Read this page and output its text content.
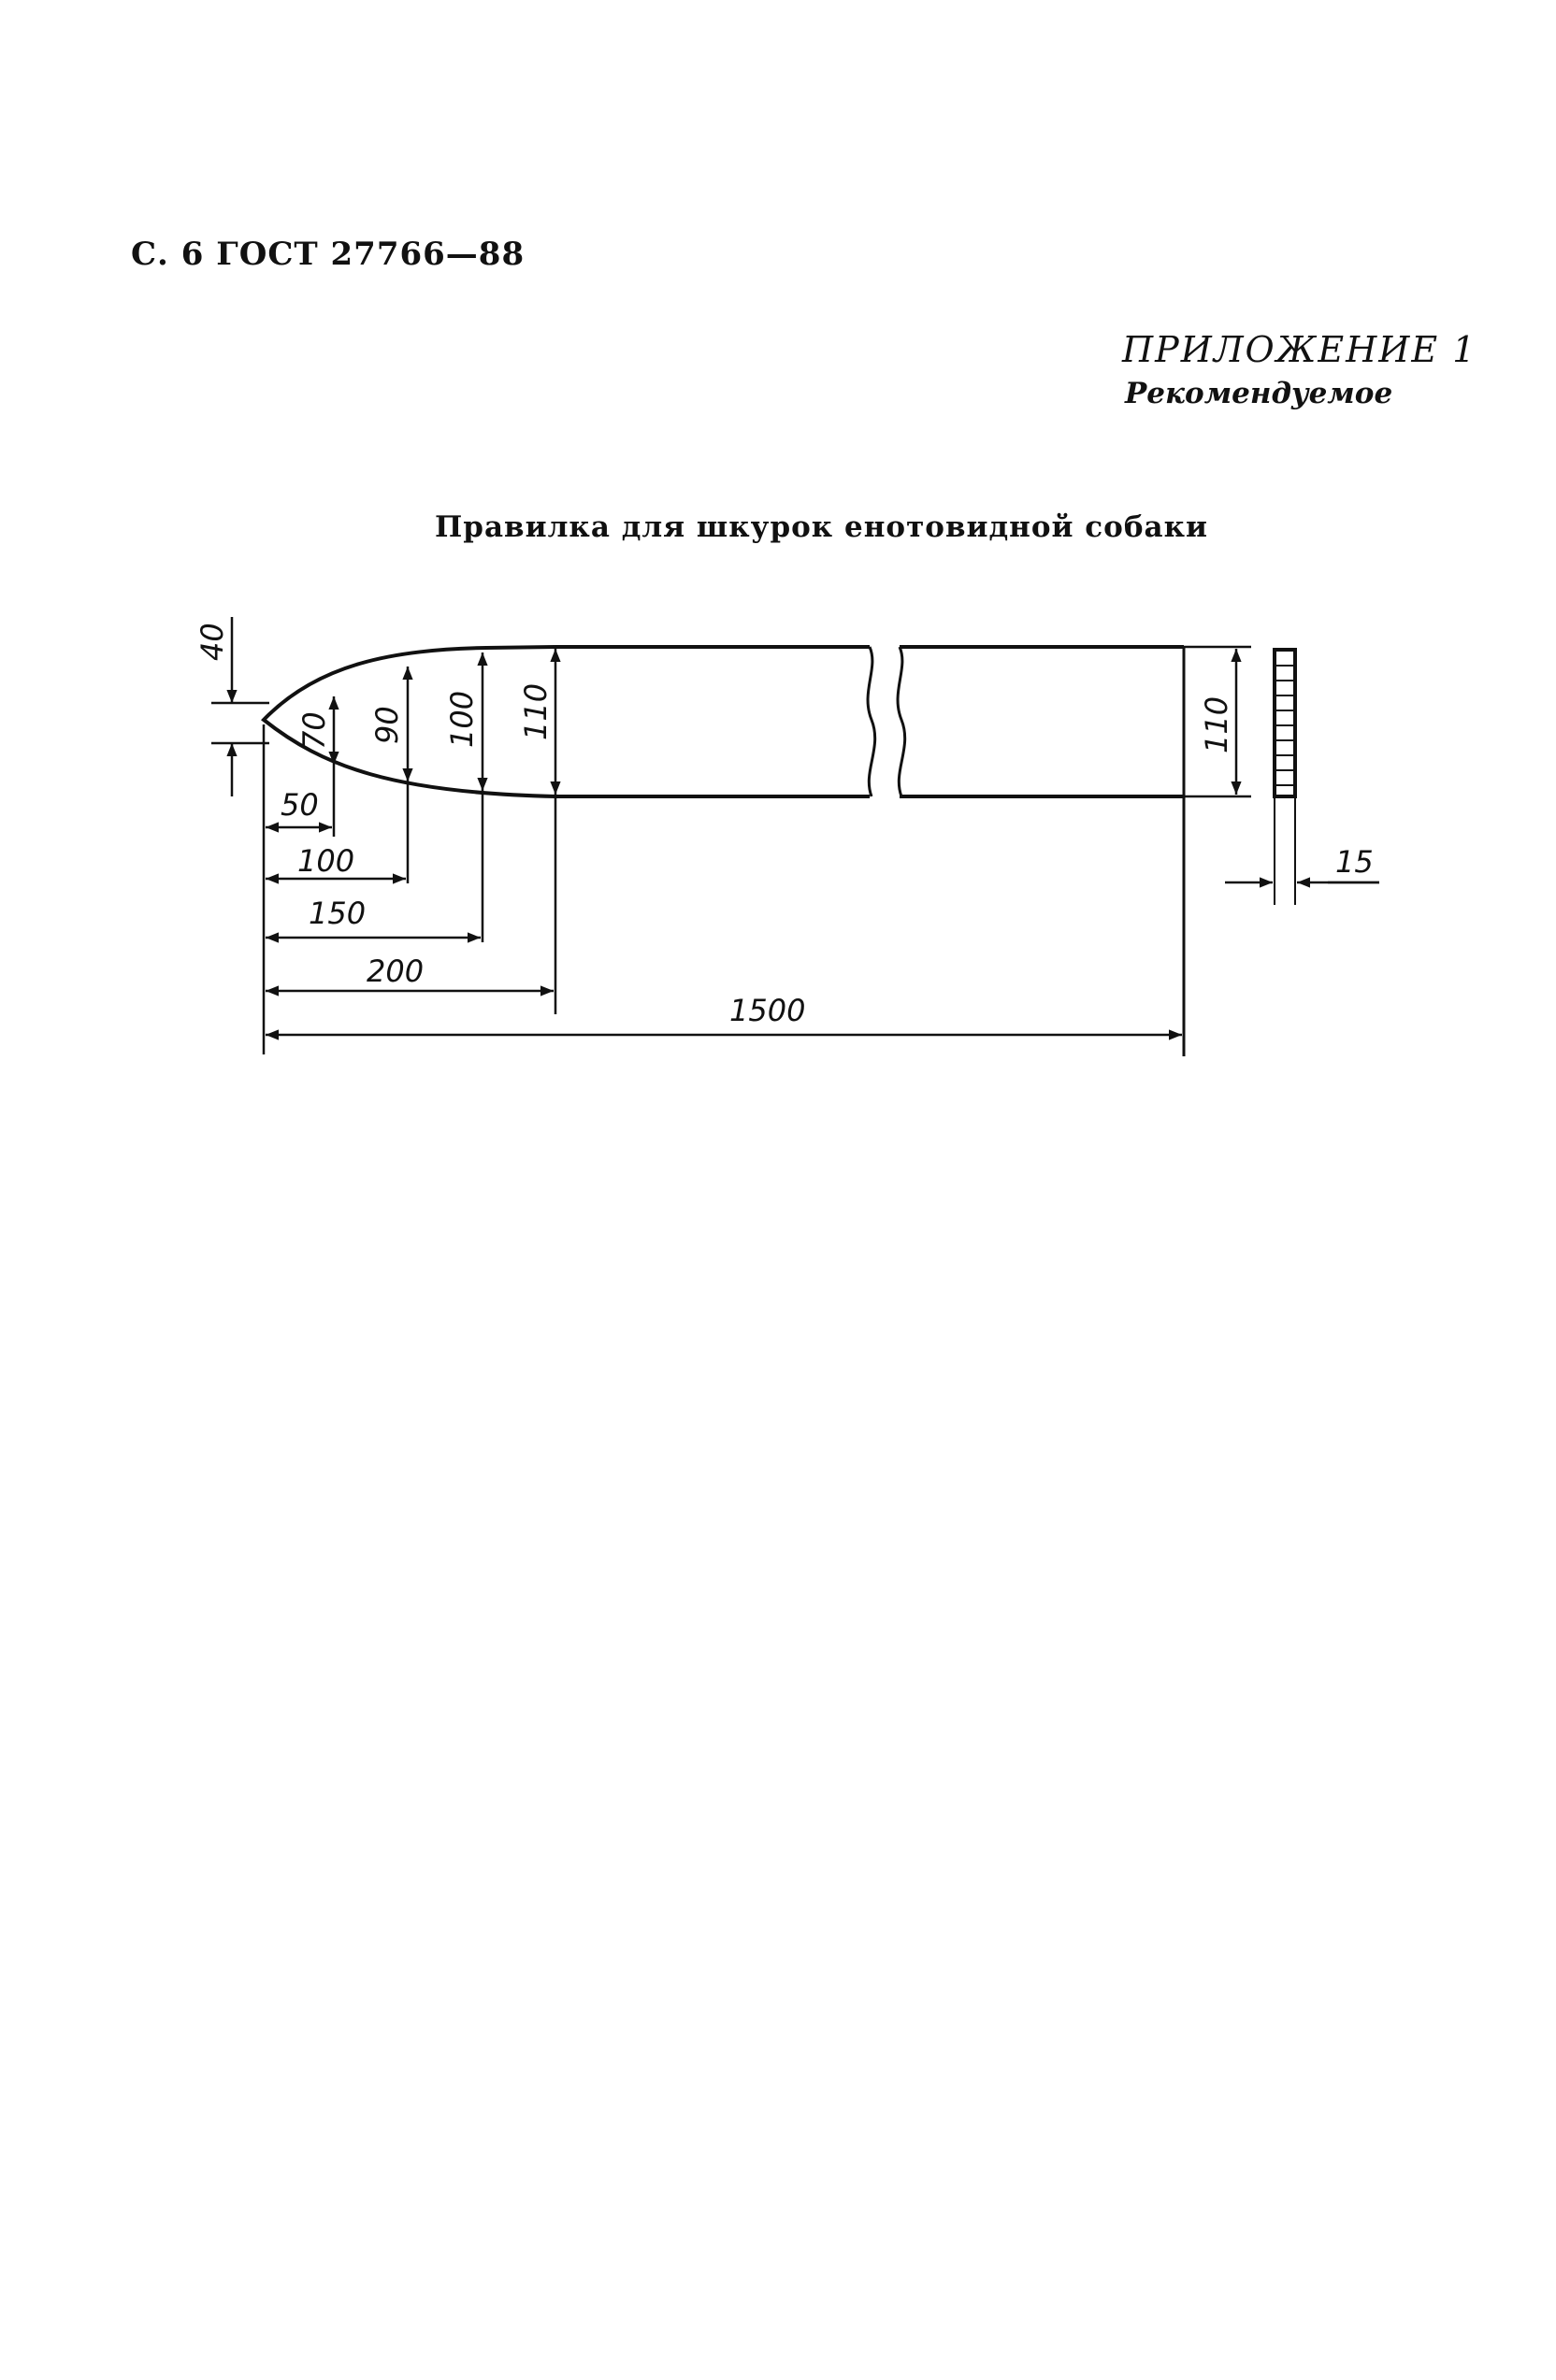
С. 6 ГОСТ 27766—88
ПРИЛОЖЕНИЕ 1
Рекомендуемое
Правилка для шкурок енотовидной собаки
40
70 90 100 110	110
50
100
150
200
1500
15
